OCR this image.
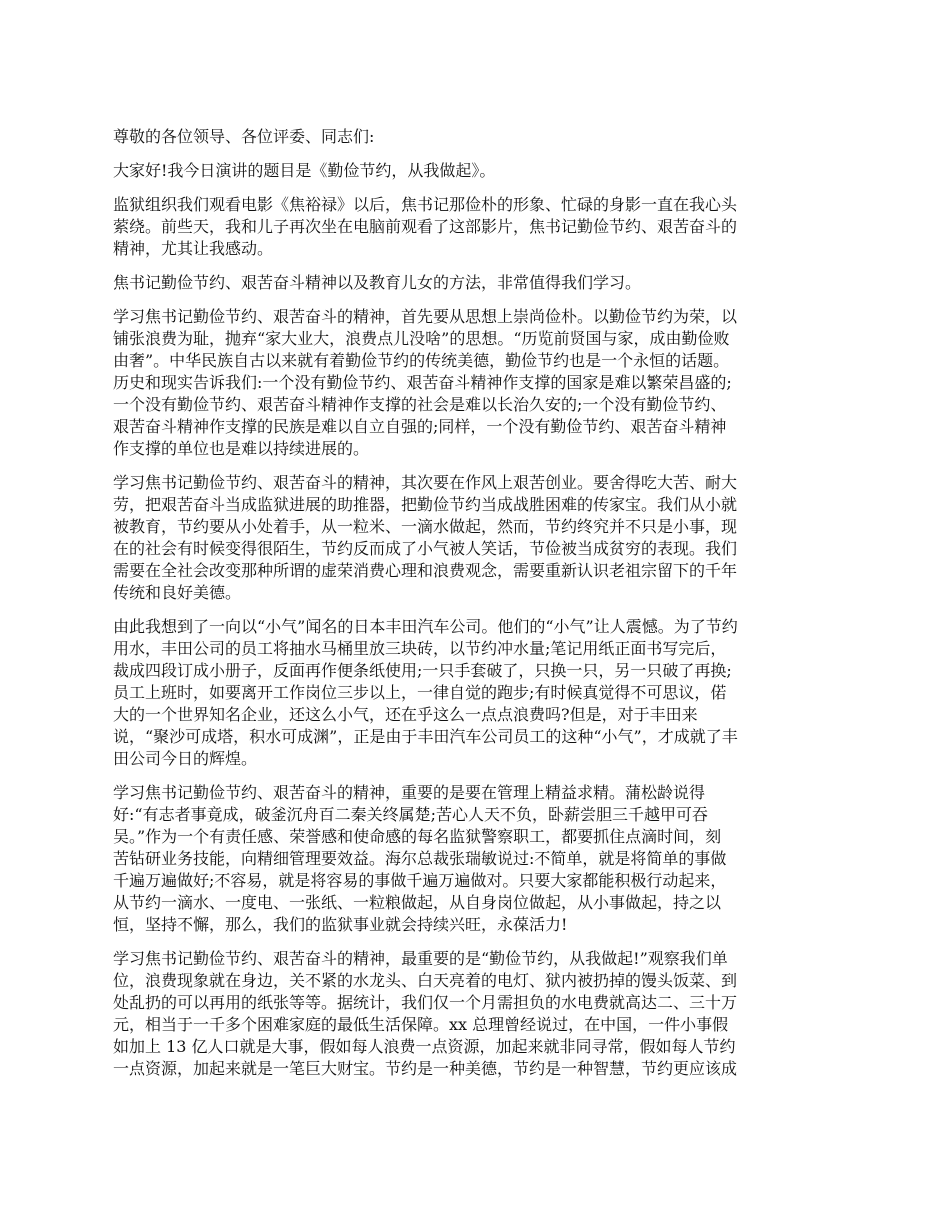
尊敬的各位领导、各位评委、同志们:

大家好!我今日演讲的题目是《勤俭节约，从我做起》。

监狱组织我们观看电影《焦裕禄》以后，焦书记那俭朴的形象、忙碌的身影一直在我心头
萦绕。前些天，我和儿子再次坐在电脑前观看了这部影片，焦书记勤俭节约、艰苦奋斗的
精神，尤其让我感动。

焦书记勤俭节约、艰苦奋斗精神以及教育儿女的方法，非常值得我们学习。

学习焦书记勤俭节约、艰苦奋斗的精神，首先要从思想上崇尚俭朴。以勤俭节约为荣，以
铺张浪费为耻，抛弃“家大业大，浪费点儿没啥”的思想。“历览前贤国与家，成由勤俭败
由奢”。中华民族自古以来就有着勤俭节约的传统美德，勤俭节约也是一个永恒的话题。
历史和现实告诉我们:一个没有勤俭节约、艰苦奋斗精神作支撑的国家是难以繁荣昌盛的;
一个没有勤俭节约、艰苦奋斗精神作支撑的社会是难以长治久安的;一个没有勤俭节约、
艰苦奋斗精神作支撑的民族是难以自立自强的;同样，一个没有勤俭节约、艰苦奋斗精神
作支撑的单位也是难以持续进展的。

学习焦书记勤俭节约、艰苦奋斗的精神，其次要在作风上艰苦创业。要舍得吃大苦、耐大
劳，把艰苦奋斗当成监狱进展的助推器，把勤俭节约当成战胜困难的传家宝。我们从小就
被教育，节约要从小处着手，从一粒米、一滴水做起，然而，节约终究并不只是小事，现
在的社会有时候变得很陌生，节约反而成了小气被人笑话，节俭被当成贫穷的表现。我们
需要在全社会改变那种所谓的虚荣消费心理和浪费观念，需要重新认识老祖宗留下的千年
传统和良好美德。

由此我想到了一向以“小气”闻名的日本丰田汽车公司。他们的“小气”让人震憾。为了节约
用水，丰田公司的员工将抽水马桶里放三块砖，以节约冲水量;笔记用纸正面书写完后，
裁成四段订成小册子，反面再作便条纸使用;一只手套破了，只换一只，另一只破了再换;
员工上班时，如要离开工作岗位三步以上，一律自觉的跑步;有时候真觉得不可思议，偌
大的一个世界知名企业，还这么小气，还在乎这么一点点浪费吗?但是，对于丰田来
说，“聚沙可成塔，积水可成渊”，正是由于丰田汽车公司员工的这种“小气”，才成就了丰
田公司今日的辉煌。

学习焦书记勤俭节约、艰苦奋斗的精神，重要的是要在管理上精益求精。蒲松龄说得
好:“有志者事竟成，破釜沉舟百二秦关终属楚;苦心人天不负，卧薪尝胆三千越甲可吞
吴。”作为一个有责任感、荣誉感和使命感的每名监狱警察职工，都要抓住点滴时间，刻
苦钻研业务技能，向精细管理要效益。海尔总裁张瑞敏说过:不简单，就是将简单的事做
千遍万遍做好;不容易，就是将容易的事做千遍万遍做对。只要大家都能积极行动起来，
从节约一滴水、一度电、一张纸、一粒粮做起，从自身岗位做起，从小事做起，持之以
恒，坚持不懈，那么，我们的监狱事业就会持续兴旺，永葆活力!

学习焦书记勤俭节约、艰苦奋斗的精神，最重要的是“勤俭节约，从我做起!”观察我们单
位，浪费现象就在身边，关不紧的水龙头、白天亮着的电灯、狱内被扔掉的馒头饭菜、到
处乱扔的可以再用的纸张等等。据统计，我们仅一个月需担负的水电费就高达二、三十万
元，相当于一千多个困难家庭的最低生活保障。xx 总理曾经说过，在中国，一件小事假
如加上 13 亿人口就是大事，假如每人浪费一点资源，加起来就非同寻常，假如每人节约
一点资源，加起来就是一笔巨大财宝。节约是一种美德，节约是一种智慧，节约更应该成
